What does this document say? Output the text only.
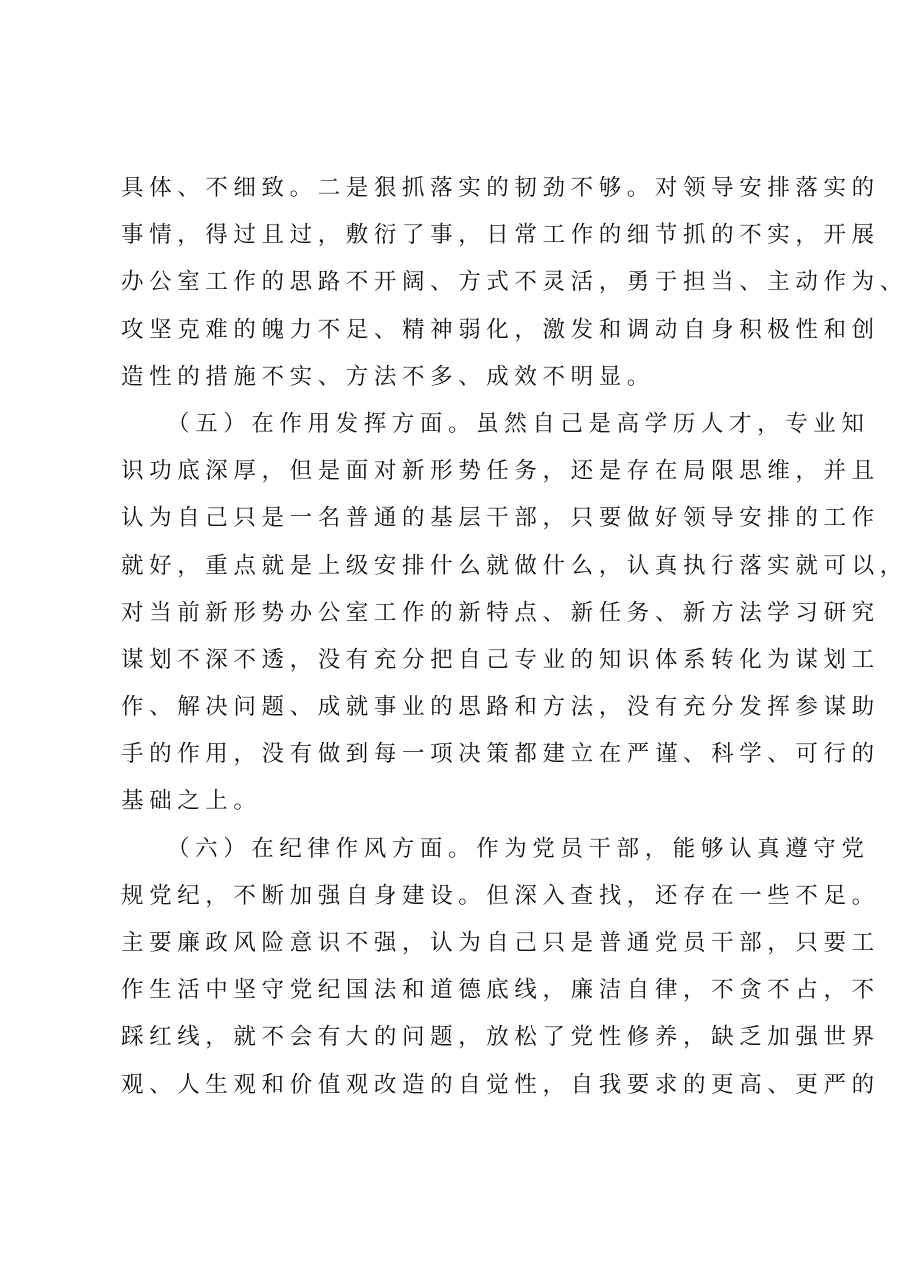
具体、不细致。二是狠抓落实的韧劲不够。对领导安排落实的
事情，得过且过，敷衍了事，日常工作的细节抓的不实，开展
办公室工作的思路不开阔、方式不灵活，勇于担当、主动作为、
攻坚克难的魄力不足、精神弱化，激发和调动自身积极性和创
造性的措施不实、方法不多、成效不明显。
（五）在作用发挥方面。虽然自己是高学历人才，专业知
识功底深厚，但是面对新形势任务，还是存在局限思维，并且
认为自己只是一名普通的基层干部，只要做好领导安排的工作
就好，重点就是上级安排什么就做什么，认真执行落实就可以，
对当前新形势办公室工作的新特点、新任务、新方法学习研究
谋划不深不透，没有充分把自己专业的知识体系转化为谋划工
作、解决问题、成就事业的思路和方法，没有充分发挥参谋助
手的作用，没有做到每一项决策都建立在严谨、科学、可行的
基础之上。
（六）在纪律作风方面。作为党员干部，能够认真遵守党
规党纪，不断加强自身建设。但深入查找，还存在一些不足。
主要廉政风险意识不强，认为自己只是普通党员干部，只要工
作生活中坚守党纪国法和道德底线，廉洁自律，不贪不占，不
踩红线，就不会有大的问题，放松了党性修养，缺乏加强世界
观、人生观和价值观改造的自觉性，自我要求的更高、更严的
